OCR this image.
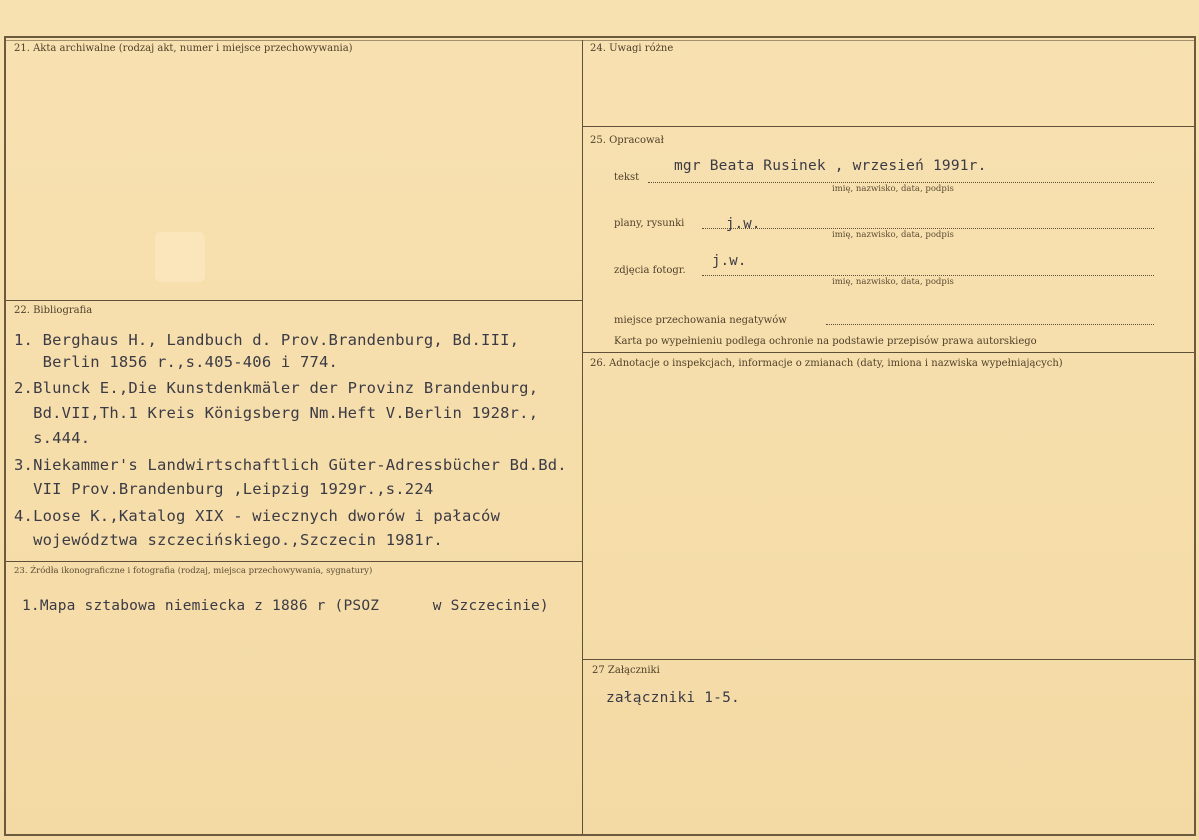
21. Akta archiwalne (rodzaj akt, numer i miejsce przechowywania)
22. Bibliografia
1. Berghaus H., Landbuch d. Prov.Brandenburg, Bd.III,
Berlin 1856 r.,s.405-406 i 774.
2.Blunck E.,Die Kunstdenkmäler der Provinz Brandenburg,
Bd.VII,Th.1 Kreis Königsberg Nm.Heft V.Berlin 1928r.,
s.444.
3.Niekammer's Landwirtschaftlich Güter-Adressbücher Bd.Bd.
VII Prov.Brandenburg ,Leipzig 1929r.,s.224
4.Loose K.,Katalog XIX - wiecznych dworów i pałaców
województwa szczecińskiego.,Szczecin 1981r.
23. Źródła ikonograficzne i fotografia (rodzaj, miejsca przechowywania, sygnatury)
1.Mapa sztabowa niemiecka z 1886 r (PSOZ      w Szczecinie)
24. Uwagi różne
25. Opracował
tekst
mgr Beata Rusinek , wrzesień 1991r.
imię, nazwisko, data, podpis
plany, rysunki	j.w.
imię, nazwisko, data, podpis
zdjęcia fotogr.
j.w.
imię, nazwisko, data, podpis
miejsce przechowania negatywów
Karta po wypełnieniu podlega ochronie na podstawie przepisów prawa autorskiego
26. Adnotacje o inspekcjach, informacje o zmianach (daty, imiona i nazwiska wypełniających)
27 Załączniki
załączniki 1-5.
